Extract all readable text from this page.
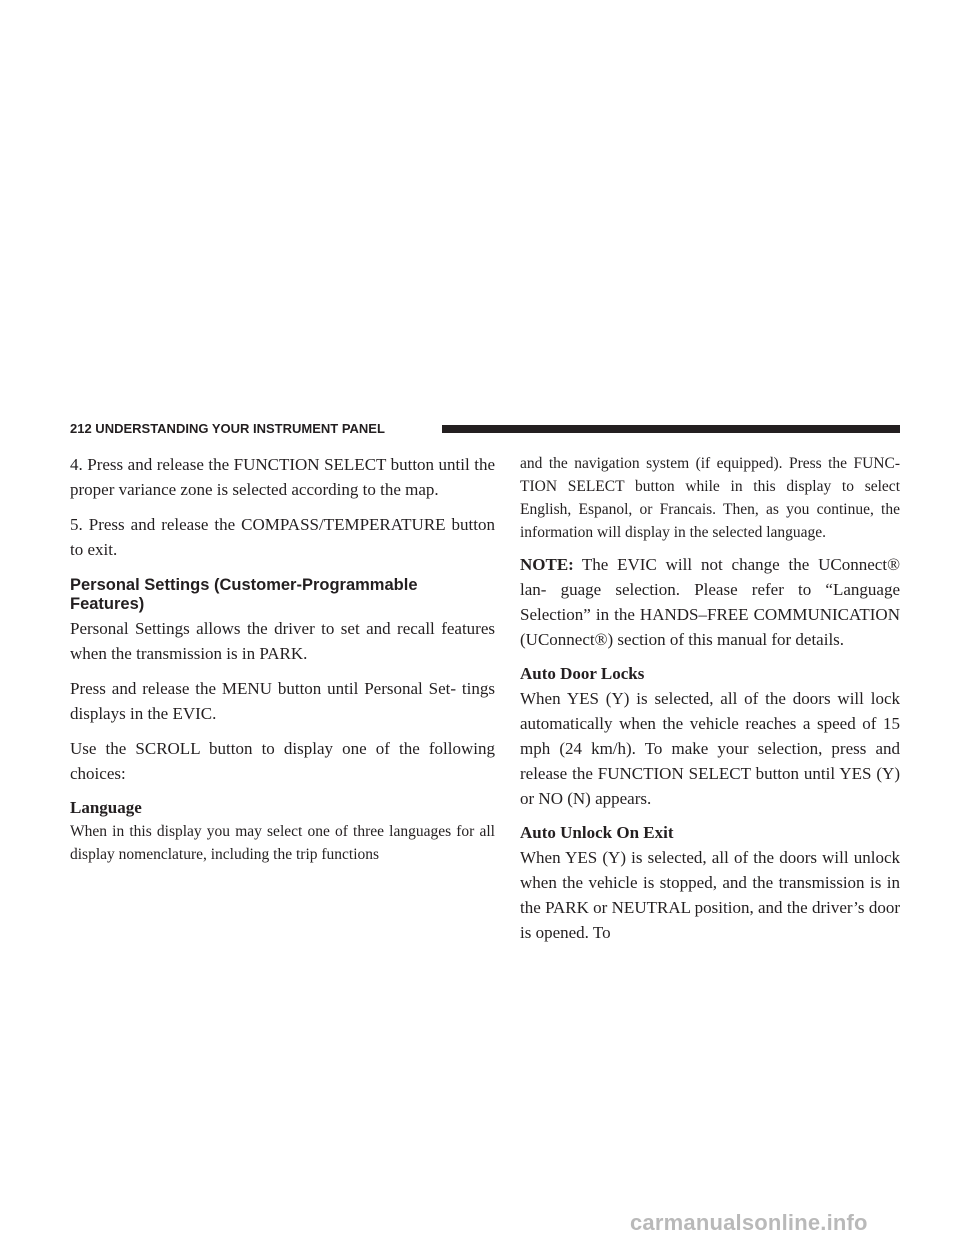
212 UNDERSTANDING YOUR INSTRUMENT PANEL

4. Press and release the FUNCTION SELECT button until the proper variance zone is selected according to the map.

5. Press and release the COMPASS/TEMPERATURE button to exit.

Personal Settings (Customer-Programmable Features)

Personal Settings allows the driver to set and recall features when the transmission is in PARK.

Press and release the MENU button until Personal Set- tings displays in the EVIC.

Use the SCROLL button to display one of the following choices:

Language

When in this display you may select one of three languages for all display nomenclature, including the trip functions

and the navigation system (if equipped). Press the FUNC- TION SELECT button while in this display to select English, Espanol, or Francais. Then, as you continue, the information will display in the selected language.

NOTE: The EVIC will not change the UConnect® lan- guage selection. Please refer to “Language Selection” in the HANDS–FREE COMMUNICATION (UConnect®) section of this manual for details.

Auto Door Locks

When YES (Y) is selected, all of the doors will lock automatically when the vehicle reaches a speed of 15 mph (24 km/h). To make your selection, press and release the FUNCTION SELECT button until YES (Y) or NO (N) appears.

Auto Unlock On Exit

When YES (Y) is selected, all of the doors will unlock when the vehicle is stopped, and the transmission is in the PARK or NEUTRAL position, and the driver’s door is opened. To

carmanualsonline.info
